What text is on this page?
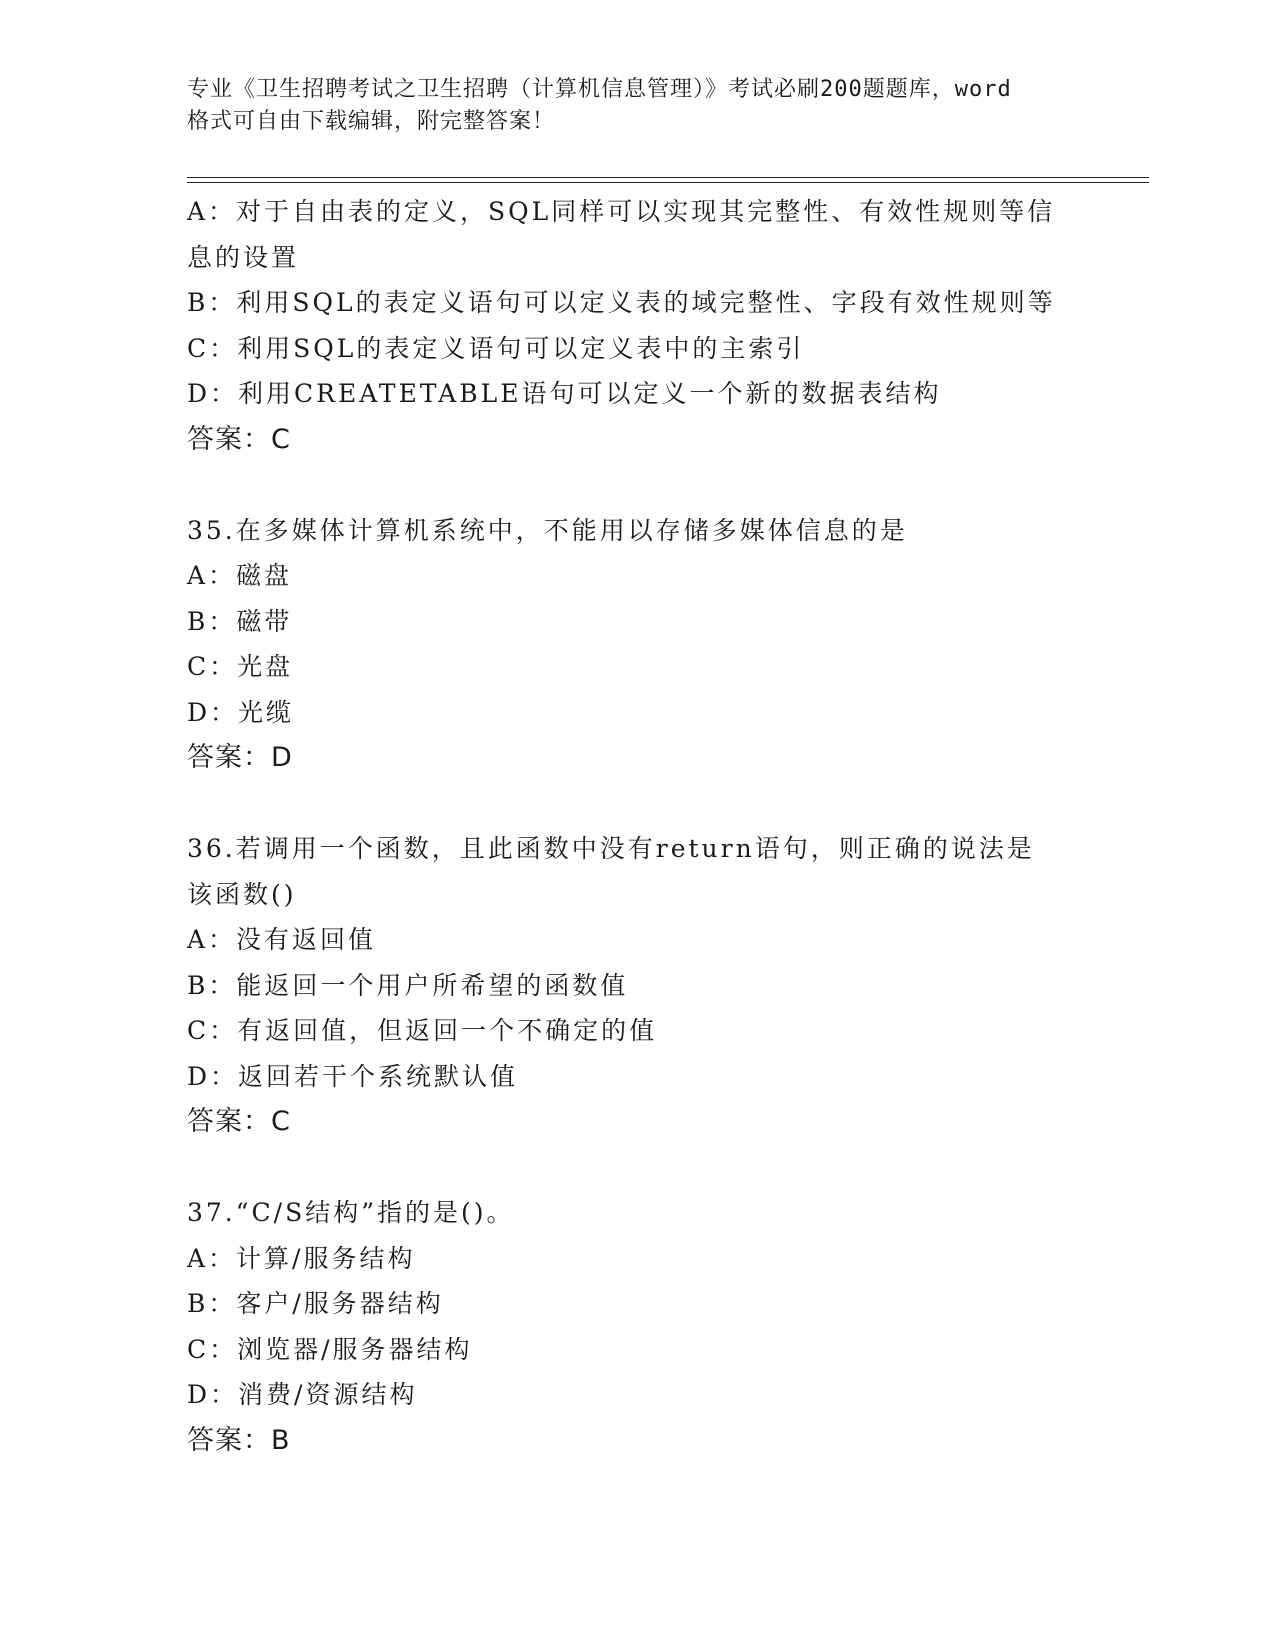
专业《卫生招聘考试之卫生招聘（计算机信息管理）》考试必刷200题题库，word
格式可自由下载编辑，附完整答案！
A：对于自由表的定义，SQL同样可以实现其完整性、有效性规则等信
息的设置
B：利用SQL的表定义语句可以定义表的域完整性、字段有效性规则等
C：利用SQL的表定义语句可以定义表中的主索引
D：利用CREATETABLE语句可以定义一个新的数据表结构
答案：C
35.在多媒体计算机系统中，不能用以存储多媒体信息的是
A：磁盘
B：磁带
C：光盘
D：光缆
答案：D
36.若调用一个函数，且此函数中没有return语句，则正确的说法是
该函数()
A：没有返回值
B：能返回一个用户所希望的函数值
C：有返回值，但返回一个不确定的值
D：返回若干个系统默认值
答案：C
37.“C/S结构”指的是()。
A：计算/服务结构
B：客户/服务器结构
C：浏览器/服务器结构
D：消费/资源结构
答案：B
